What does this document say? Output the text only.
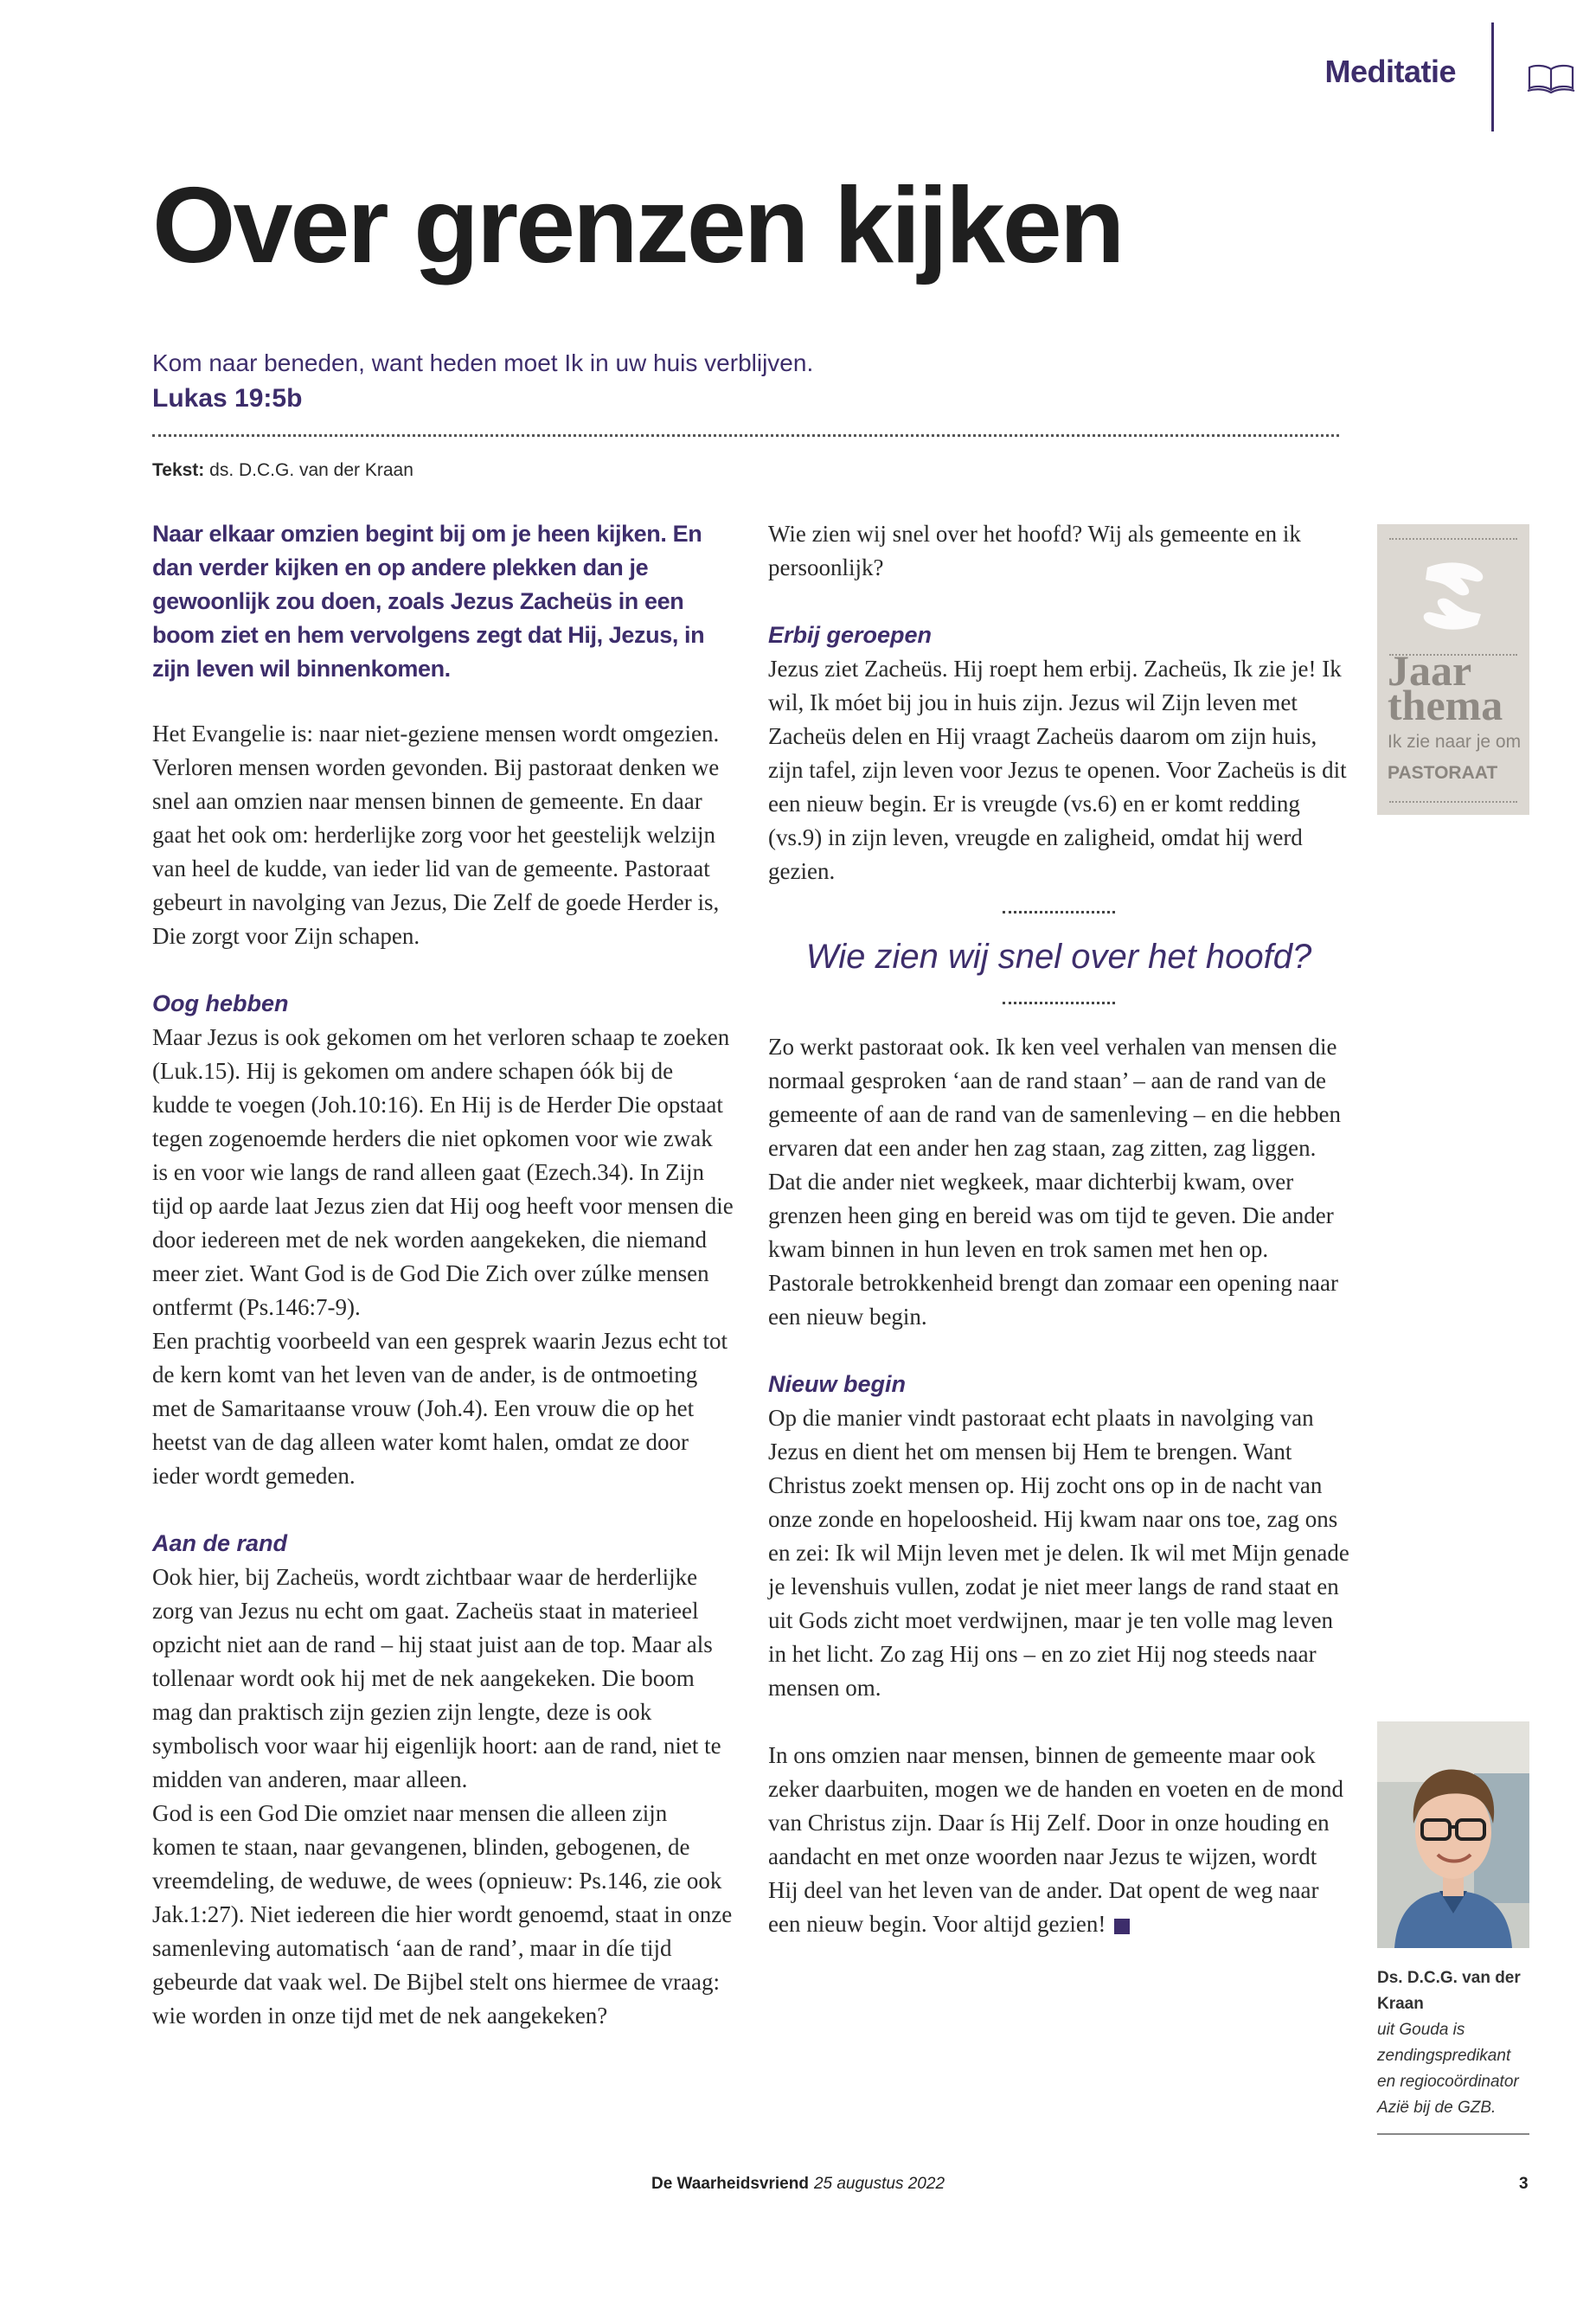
Meditatie
Over grenzen kijken
Kom naar beneden, want heden moet Ik in uw huis verblijven.
Lukas 19:5b
Tekst: ds. D.C.G. van der Kraan

Naar elkaar omzien begint bij om je heen kijken. En dan verder kijken en op andere plekken dan je gewoonlijk zou doen, zoals Jezus Zacheüs in een boom ziet en hem vervolgens zegt dat Hij, Jezus, in zijn leven wil binnenkomen.

Het Evangelie is: naar niet-geziene mensen wordt omgezien. Verloren mensen worden gevonden. Bij pastoraat denken we snel aan omzien naar mensen binnen de gemeente. En daar gaat het ook om: herderlijke zorg voor het geestelijk welzijn van heel de kudde, van ieder lid van de gemeente. Pastoraat gebeurt in navolging van Jezus, Die Zelf de goede Herder is, Die zorgt voor Zijn schapen.

Oog hebben

Maar Jezus is ook gekomen om het verloren schaap te zoeken (Luk.15). Hij is gekomen om andere schapen óók bij de kudde te voegen (Joh.10:16). En Hij is de Herder Die opstaat tegen zogenoemde herders die niet opkomen voor wie zwak is en voor wie langs de rand alleen gaat (Ezech.34). In Zijn tijd op aarde laat Jezus zien dat Hij oog heeft voor mensen die door iedereen met de nek worden aangekeken, die niemand meer ziet. Want God is de God Die Zich over zúlke mensen ontfermt (Ps.146:7-9).

Een prachtig voorbeeld van een gesprek waarin Jezus echt tot de kern komt van het leven van de ander, is de ontmoeting met de Samaritaanse vrouw (Joh.4). Een vrouw die op het heetst van de dag alleen water komt halen, omdat ze door ieder wordt gemeden.

Aan de rand

Ook hier, bij Zacheüs, wordt zichtbaar waar de herderlijke zorg van Jezus nu echt om gaat. Zacheüs staat in materieel opzicht niet aan de rand – hij staat juist aan de top. Maar als tollenaar wordt ook hij met de nek aangekeken. Die boom mag dan praktisch zijn gezien zijn lengte, deze is ook symbolisch voor waar hij eigenlijk hoort: aan de rand, niet te midden van anderen, maar alleen.

God is een God Die omziet naar mensen die alleen zijn komen te staan, naar gevangenen, blinden, gebogenen, de vreemdeling, de weduwe, de wees (opnieuw: Ps.146, zie ook Jak.1:27). Niet iedereen die hier wordt genoemd, staat in onze samenleving automatisch ‘aan de rand’, maar in díe tijd gebeurde dat vaak wel. De Bijbel stelt ons hiermee de vraag: wie worden in onze tijd met de nek aangekeken?

Wie zien wij snel over het hoofd? Wij als gemeente en ik persoonlijk?

Erbij geroepen

Jezus ziet Zacheüs. Hij roept hem erbij. Zacheüs, Ik zie je! Ik wil, Ik móet bij jou in huis zijn. Jezus wil Zijn leven met Zacheüs delen en Hij vraagt Zacheüs daarom om zijn huis, zijn tafel, zijn leven voor Jezus te openen. Voor Zacheüs is dit een nieuw begin. Er is vreugde (vs.6) en er komt redding (vs.9) in zijn leven, vreugde en zaligheid, omdat hij werd gezien.

Wie zien wij snel over het hoofd?

Zo werkt pastoraat ook. Ik ken veel verhalen van mensen die normaal gesproken ‘aan de rand staan’ – aan de rand van de gemeente of aan de rand van de samenleving – en die hebben ervaren dat een ander hen zag staan, zag zitten, zag liggen. Dat die ander niet wegkeek, maar dichterbij kwam, over grenzen heen ging en bereid was om tijd te geven. Die ander kwam binnen in hun leven en trok samen met hen op. Pastorale betrokkenheid brengt dan zomaar een opening naar een nieuw begin.

Nieuw begin

Op die manier vindt pastoraat echt plaats in navolging van Jezus en dient het om mensen bij Hem te brengen. Want Christus zoekt mensen op. Hij zocht ons op in de nacht van onze zonde en hopeloosheid. Hij kwam naar ons toe, zag ons en zei: Ik wil Mijn leven met je delen. Ik wil met Mijn genade je levenshuis vullen, zodat je niet meer langs de rand staat en uit Gods zicht moet verdwijnen, maar je ten volle mag leven in het licht. Zo zag Hij ons – en zo ziet Hij nog steeds naar mensen om.

In ons omzien naar mensen, binnen de gemeente maar ook zeker daarbuiten, mogen we de handen en voeten en de mond van Christus zijn. Daar ís Hij Zelf. Door in onze houding en aandacht en met onze woorden naar Jezus te wijzen, wordt Hij deel van het leven van de ander. Dat opent de weg naar een nieuw begin. Voor altijd gezien!

Jaar
thema
Ik zie naar je om
PASTORAAT
Ds. D.C.G. van der Kraan
uit Gouda is zendingspredikant en regiocoördinator Azië bij de GZB.
De Waarheidsvriend 25 augustus 2022	3
